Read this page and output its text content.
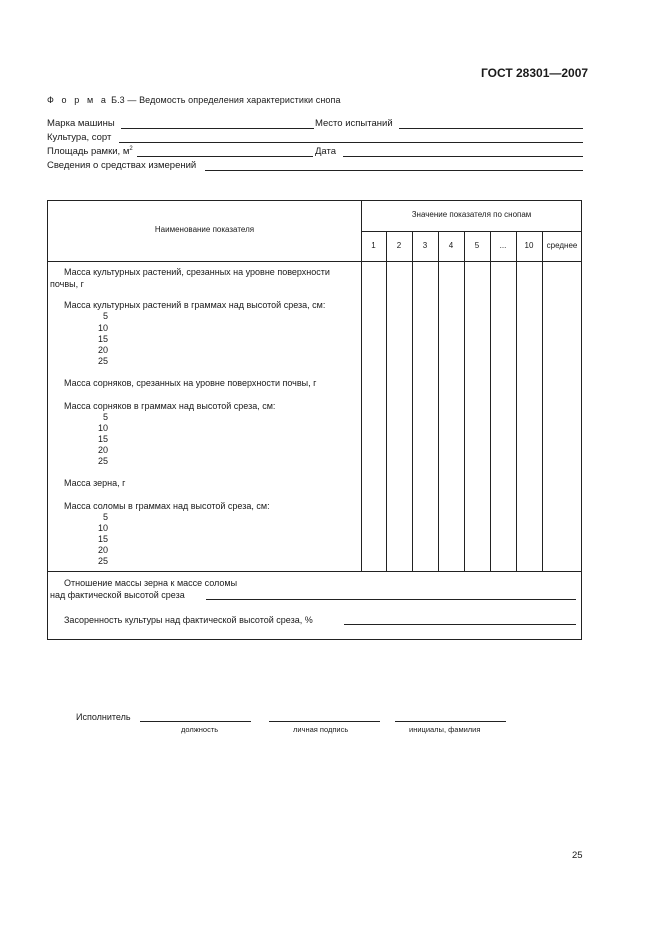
ГОСТ 28301—2007
Ф о р м а Б.3 — Ведомость определения характеристики снопа
Марка машины	Место испытаний
Культура, сорт
Площадь рамки, $м^2$	Дата
Сведения о средствах измерений
Наименование показателя
Значение показателя по снопам
1	2	3	4	5	...	10	среднее
Масса культурных растений, срезанных на уровне поверхности
почвы, г
Масса культурных растений в граммах над высотой среза, см:
5
10
15
20
25
Масса сорняков, срезанных на уровне поверхности почвы, г
Масса сорняков в граммах над высотой среза, см:
5
10
15
20
25
Масса зерна, г
Масса соломы в граммах над высотой среза, см:
5
10
15
20
25
Отношение массы зерна к массе соломы
над фактической высотой среза
Засоренность культуры над фактической высотой среза, %
Исполнитель
должность	личная подпись	инициалы, фамилия
25
